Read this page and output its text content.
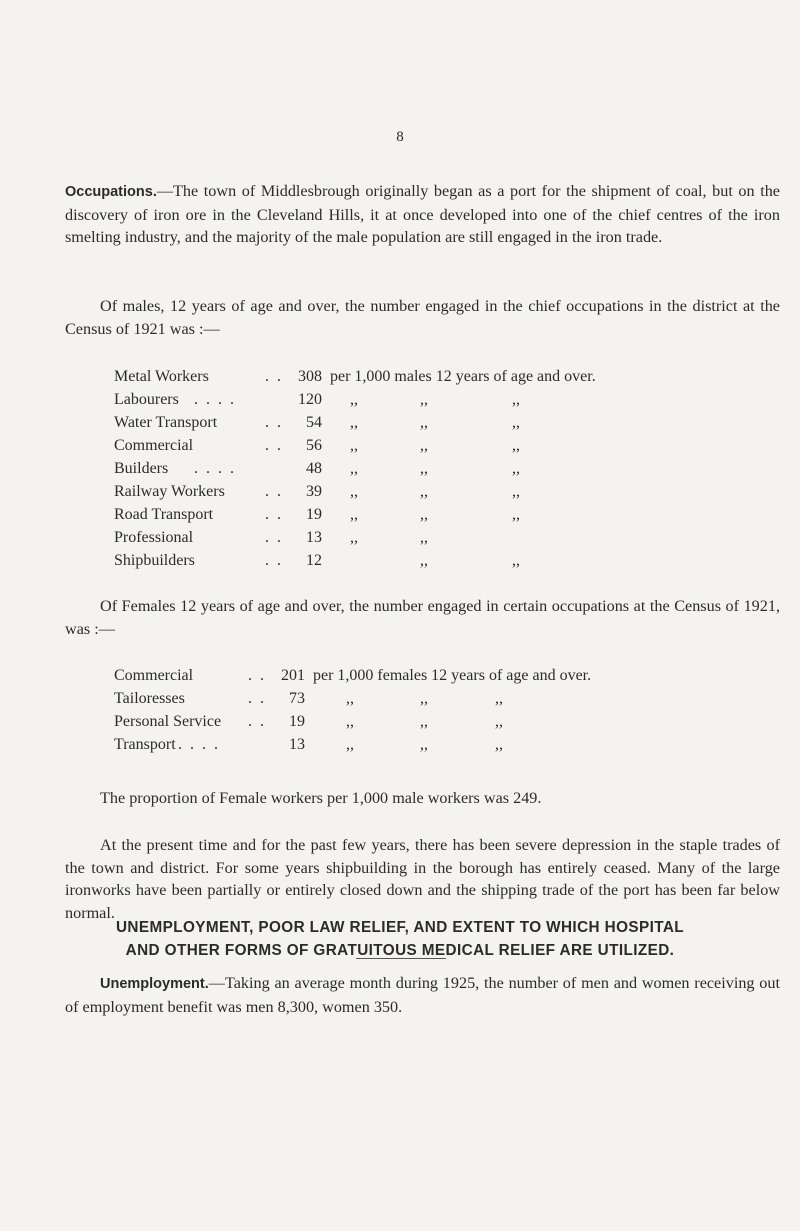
8

Occupations.—The town of Middlesbrough originally began as a port for the shipment of coal, but on the discovery of iron ore in the Cleveland Hills, it at once developed into one of the chief centres of the iron smelting industry, and the majority of the male population are still engaged in the iron trade.

Of males, 12 years of age and over, the number engaged in the chief occupations in the district at the Census of 1921 was :—

Metal Workers	. . 308 per 1,000 males 12 years of age and over.
Labourers . . . .	120 ,,	,,	,,
Water Transport	. .	54 ,,	,,	,,
Commercial	. .	56 ,,	,,	,,
Builders . . . .	48 ,,	,,	,,
Railway Workers	. .	39 ,,	,,	,,
Road Transport	. .	19 ,,	,,	,,
Professional	. .	13 ,,	,,
Shipbuilders	. .	12	,,	,,

Of Females 12 years of age and over, the number engaged in certain occupations at the Census of 1921, was :—

Commercial	. . 201 per 1,000 females 12 years of age and over.
Tailoresses	. .	73	,,	,,	,,
Personal Service . .	19	,,	,,	,,
Transport . . . .	13	,,	,,	,,

The proportion of Female workers per 1,000 male workers was 249.

At the present time and for the past few years, there has been severe depression in the staple trades of the town and district. For some years shipbuilding in the borough has entirely ceased. Many of the large ironworks have been partially or entirely closed down and the shipping trade of the port has been far below normal.

UNEMPLOYMENT, POOR LAW RELIEF, AND EXTENT TO WHICH HOSPITAL
AND OTHER FORMS OF GRATUITOUS MEDICAL RELIEF ARE UTILIZED.

Unemployment.—Taking an average month during 1925, the number of men and women receiving out of employment benefit was men 8,300, women 350.
